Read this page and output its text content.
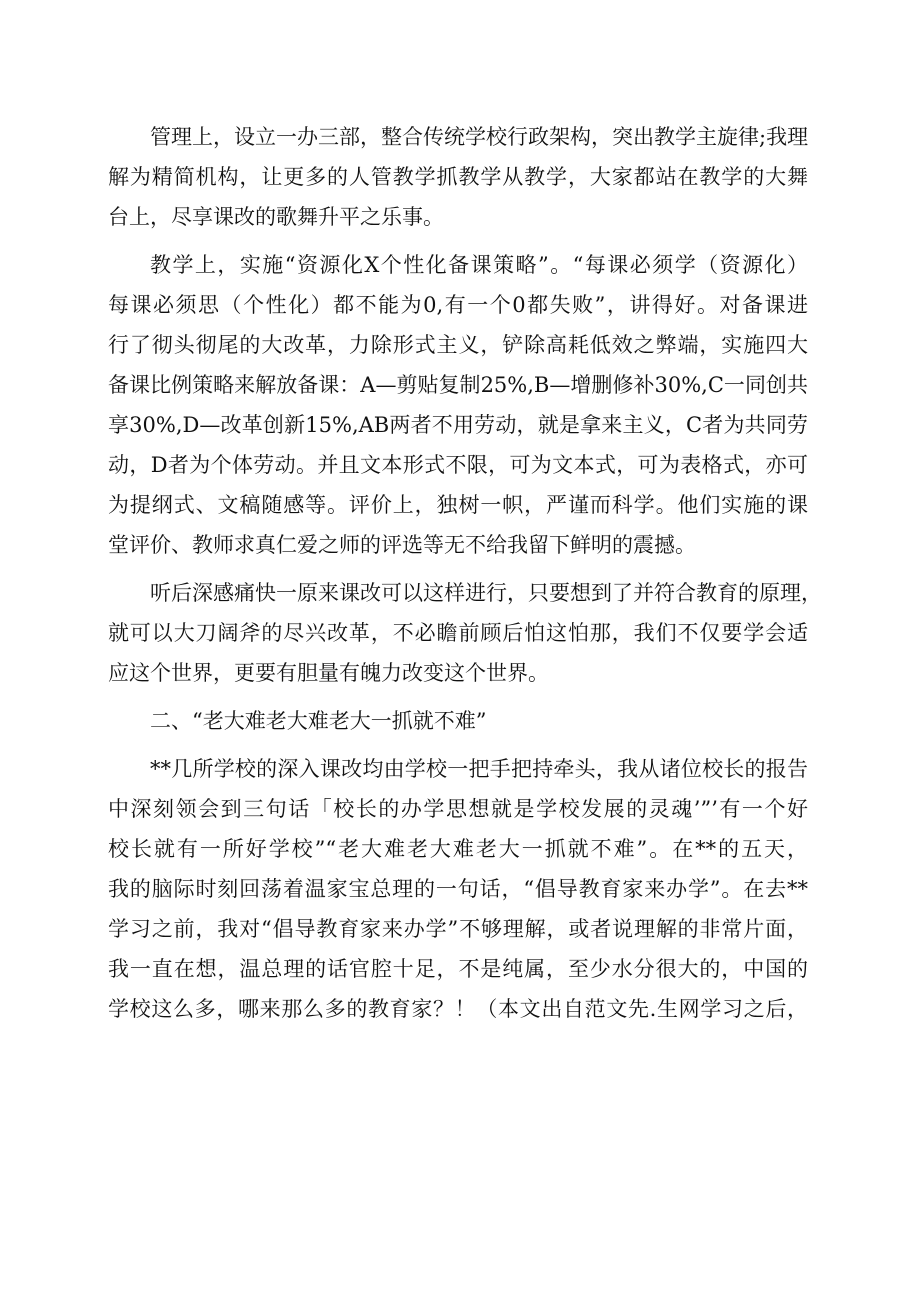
管理上，设立一办三部，整合传统学校行政架构，突出教学主旋律;我理
解为精简机构，让更多的人管教学抓教学从教学，大家都站在教学的大舞
台上，尽享课改的歌舞升平之乐事。
教学上，实施“资源化X个性化备课策略”。“每课必须学（资源化）
每课必须思（个性化）都不能为0,有一个0都失败”，讲得好。对备课进
行了彻头彻尾的大改革，力除形式主义，铲除高耗低效之弊端，实施四大
备课比例策略来解放备课：A—剪贴复制25%,B—增删修补30%,C一同创共
享30%,D—改革创新15%,AB两者不用劳动，就是拿来主义，C者为共同劳
动，D者为个体劳动。并且文本形式不限，可为文本式，可为表格式，亦可
为提纲式、文稿随感等。评价上，独树一帜，严谨而科学。他们实施的课
堂评价、教师求真仁爱之师的评选等无不给我留下鲜明的震撼。
听后深感痛快一原来课改可以这样进行，只要想到了并符合教育的原理，
就可以大刀阔斧的尽兴改革，不必瞻前顾后怕这怕那，我们不仅要学会适
应这个世界，更要有胆量有魄力改变这个世界。
二、“老大难老大难老大一抓就不难”
**几所学校的深入课改均由学校一把手把持牵头，我从诸位校长的报告
中深刻领会到三句话「校长的办学思想就是学校发展的灵魂’”’有一个好
校长就有一所好学校”“老大难老大难老大一抓就不难”。在**的五天，
我的脑际时刻回荡着温家宝总理的一句话，“倡导教育家来办学”。在去**
学习之前，我对“倡导教育家来办学”不够理解，或者说理解的非常片面，
我一直在想，温总理的话官腔十足，不是纯属，至少水分很大的，中国的
学校这么多，哪来那么多的教育家？！（本文出自范文先.生网学习之后，
